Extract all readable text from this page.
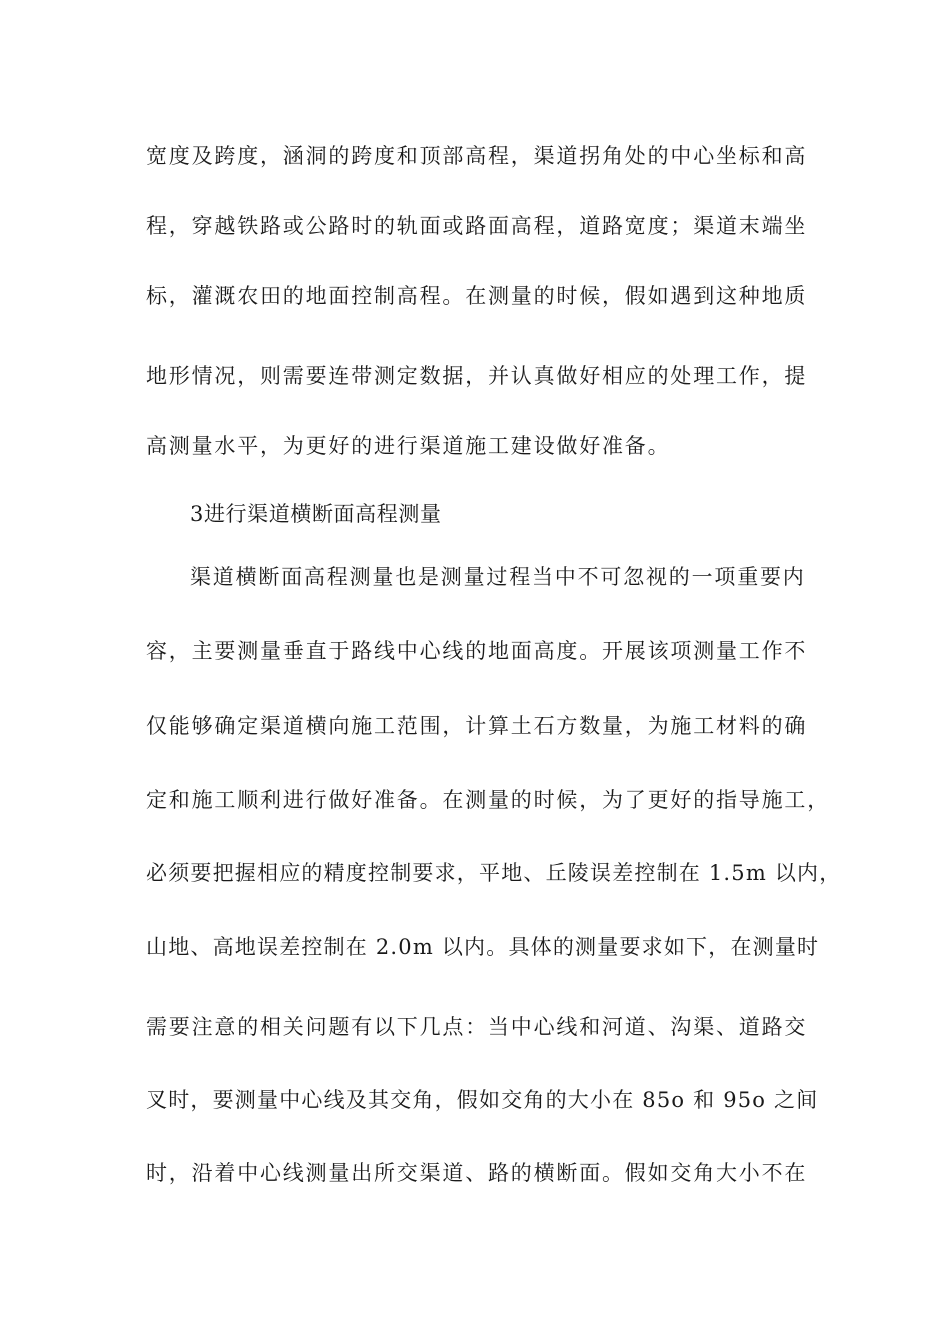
宽度及跨度，涵洞的跨度和顶部高程，渠道拐角处的中心坐标和高
程，穿越铁路或公路时的轨面或路面高程，道路宽度；渠道末端坐
标，灌溉农田的地面控制高程。在测量的时候，假如遇到这种地质
地形情况，则需要连带测定数据，并认真做好相应的处理工作，提
高测量水平，为更好的进行渠道施工建设做好准备。
3进行渠道横断面高程测量
渠道横断面高程测量也是测量过程当中不可忽视的一项重要内
容，主要测量垂直于路线中心线的地面高度。开展该项测量工作不
仅能够确定渠道横向施工范围，计算土石方数量，为施工材料的确
定和施工顺利进行做好准备。在测量的时候，为了更好的指导施工，
必须要把握相应的精度控制要求，平地、丘陵误差控制在 1.5m 以内，
山地、高地误差控制在 2.0m 以内。具体的测量要求如下，在测量时
需要注意的相关问题有以下几点：当中心线和河道、沟渠、道路交
叉时，要测量中心线及其交角，假如交角的大小在 85o 和 95o 之间
时，沿着中心线测量出所交渠道、路的横断面。假如交角大小不在
